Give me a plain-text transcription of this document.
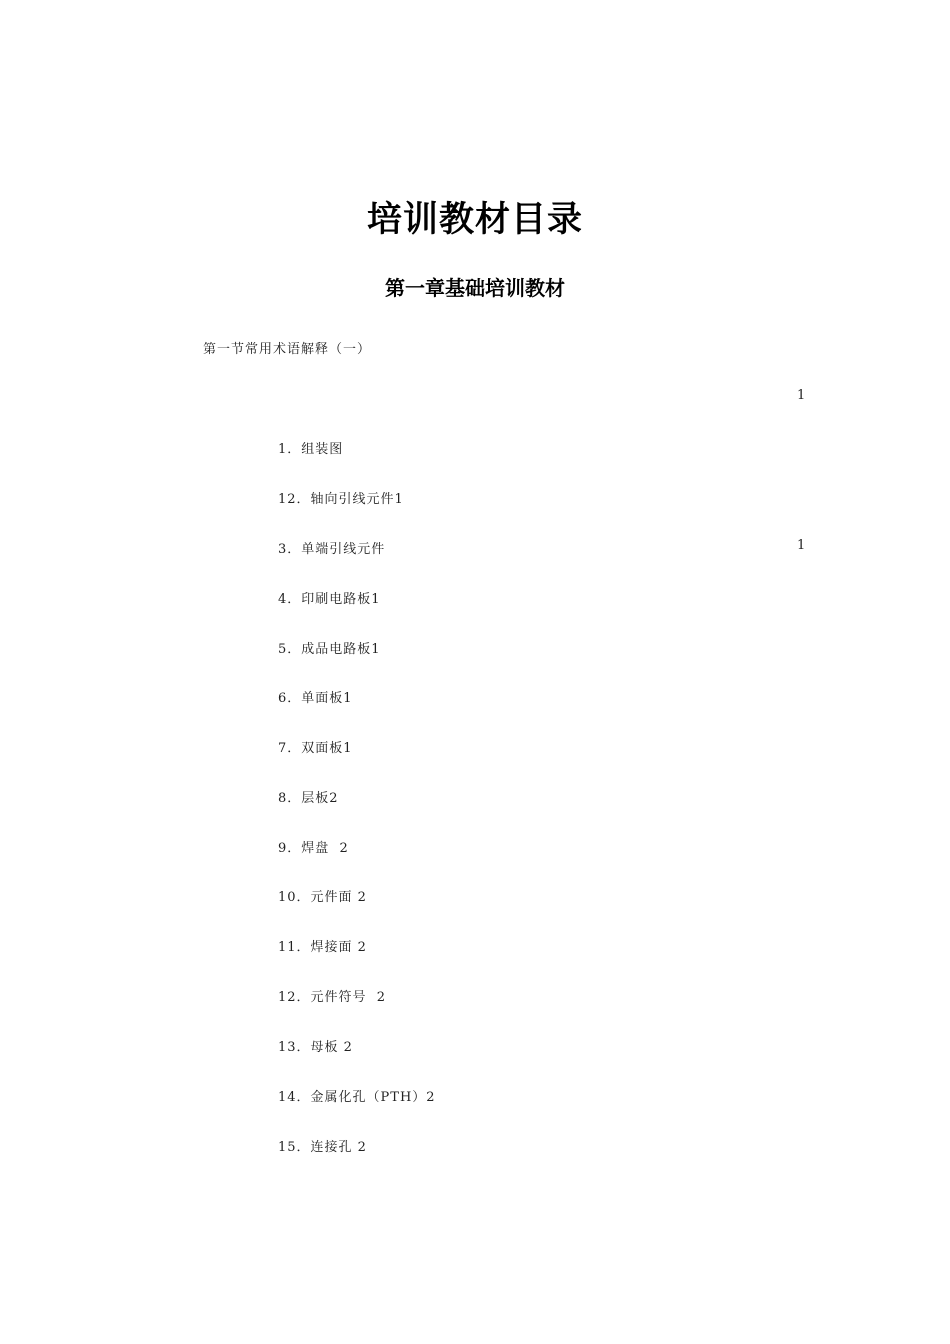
培训教材目录
第一章基础培训教材
第一节常用术语解释（一）
1
1．组装图
12．轴向引线元件1
3．单端引线元件	1
4．印刷电路板1
5．成品电路板1
6．单面板1
7．双面板1
8．层板2
9．焊盘  2
10．元件面 2
11．焊接面 2
12．元件符号  2
13．母板 2
14．金属化孔（PTH）2
15．连接孔 2
